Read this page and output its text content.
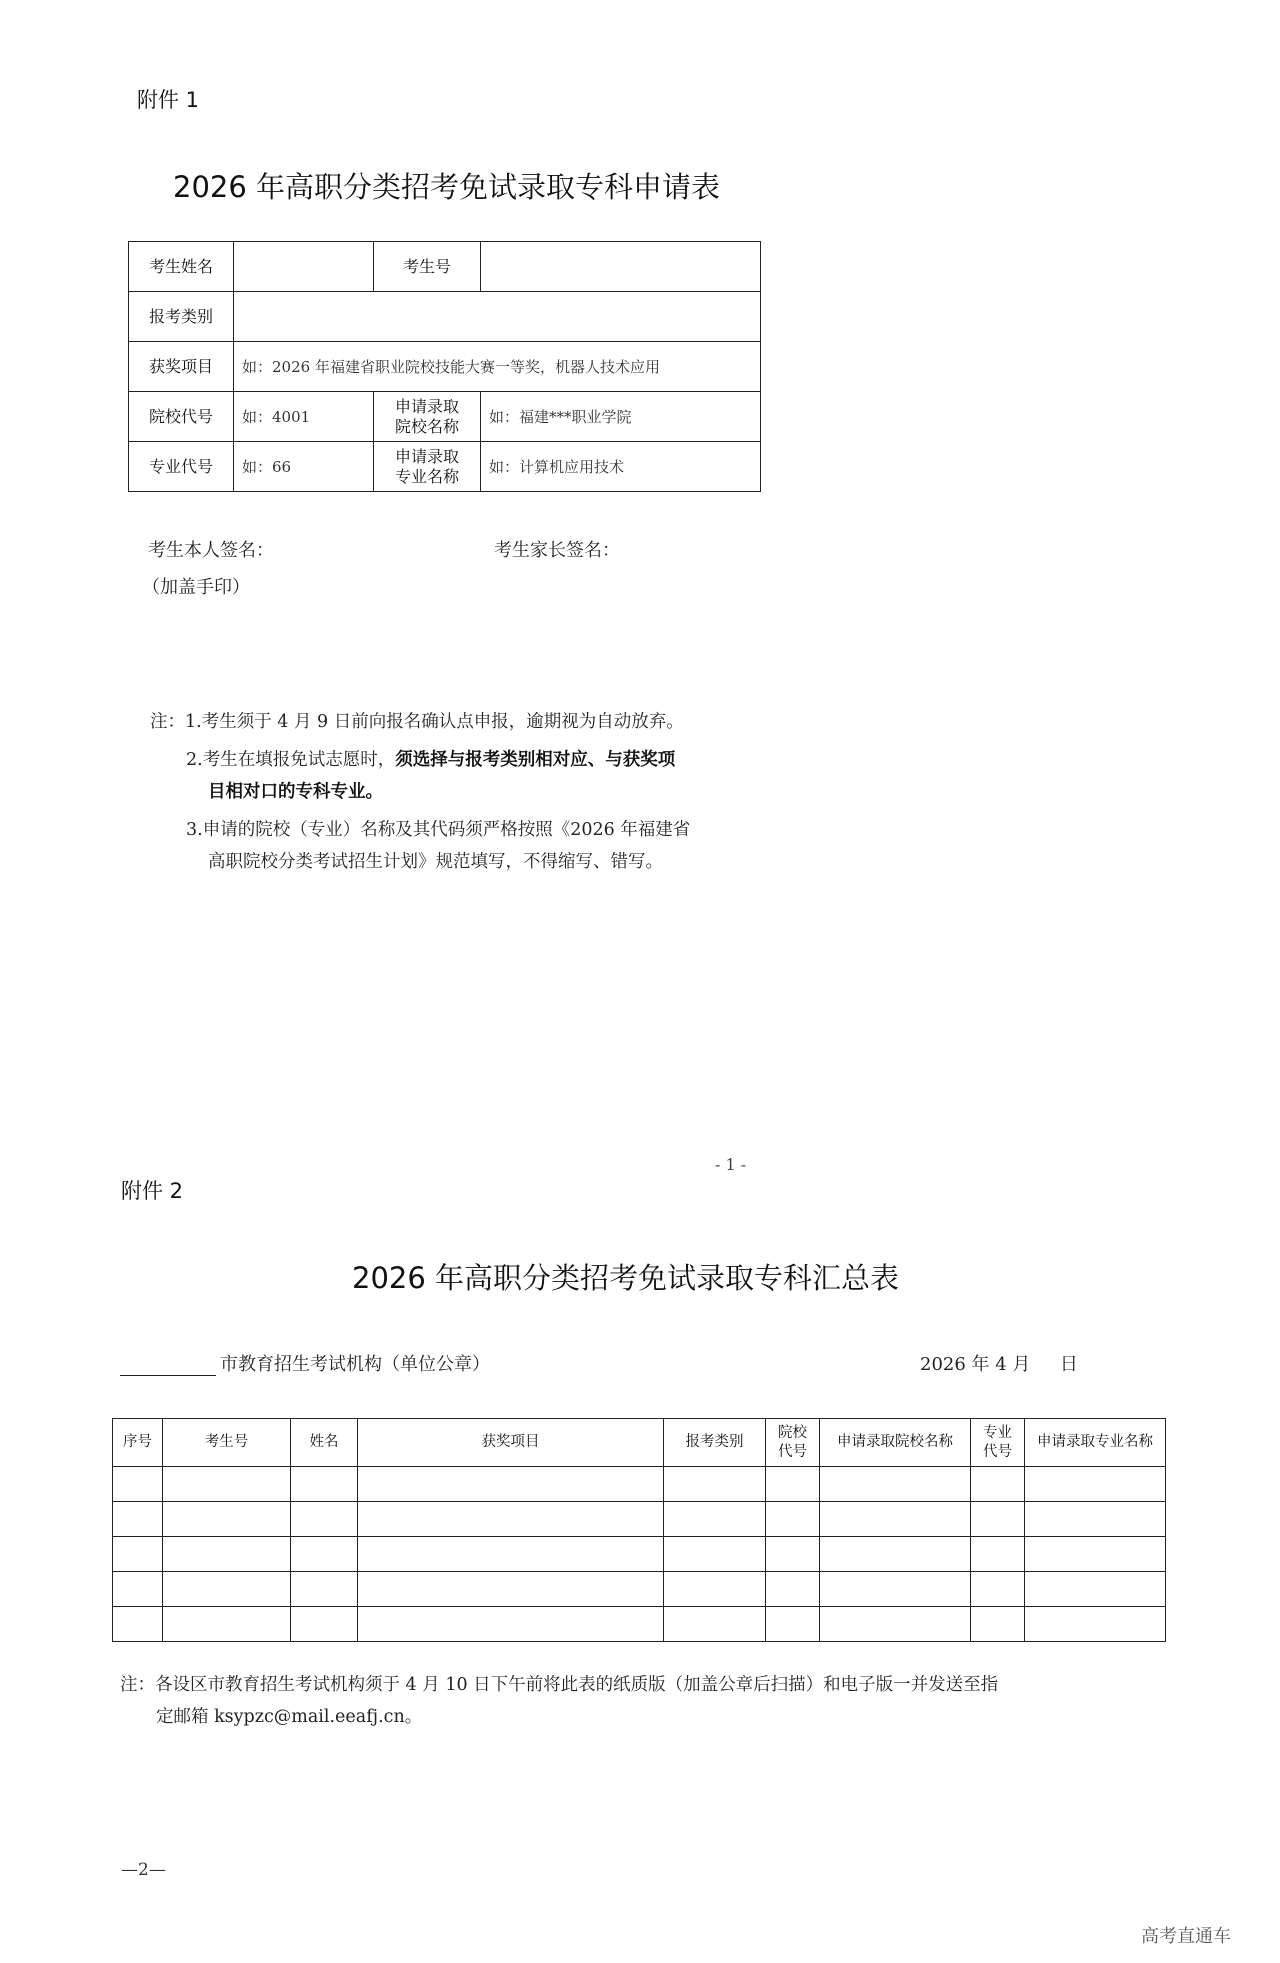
附件 1
2026 年高职分类招考免试录取专科申请表
考生姓名		考生号	
报考类别			
获奖项目	如：2026 年福建省职业院校技能大赛一等奖，机器人技术应用		
院校代号	如：4001	申请录取院校名称	如：福建***职业学院
专业代号	如：66	申请录取专业名称	如：计算机应用技术
考生本人签名：	考生家长签名：
（加盖手印）
注：1.考生须于 4 月 9 日前向报名确认点申报，逾期视为自动放弃。
2.考生在填报免试志愿时，须选择与报考类别相对应、与获奖项
目相对口的专科专业。
3.申请的院校（专业）名称及其代码须严格按照《2026 年福建省
高职院校分类考试招生计划》规范填写，不得缩写、错写。
- 1 -
附件 2
2026 年高职分类招考免试录取专科汇总表
市教育招生考试机构（单位公章）	2026 年 4 月　  日
序号	考生号	姓名	获奖项目	报考类别	院校代号	申请录取院校名称	专业代号	申请录取专业名称

注：各设区市教育招生考试机构须于 4 月 10 日下午前将此表的纸质版（加盖公章后扫描）和电子版一并发送至指
定邮箱 ksypzc@mail.eeafj.cn。
—2—
高考直通车
